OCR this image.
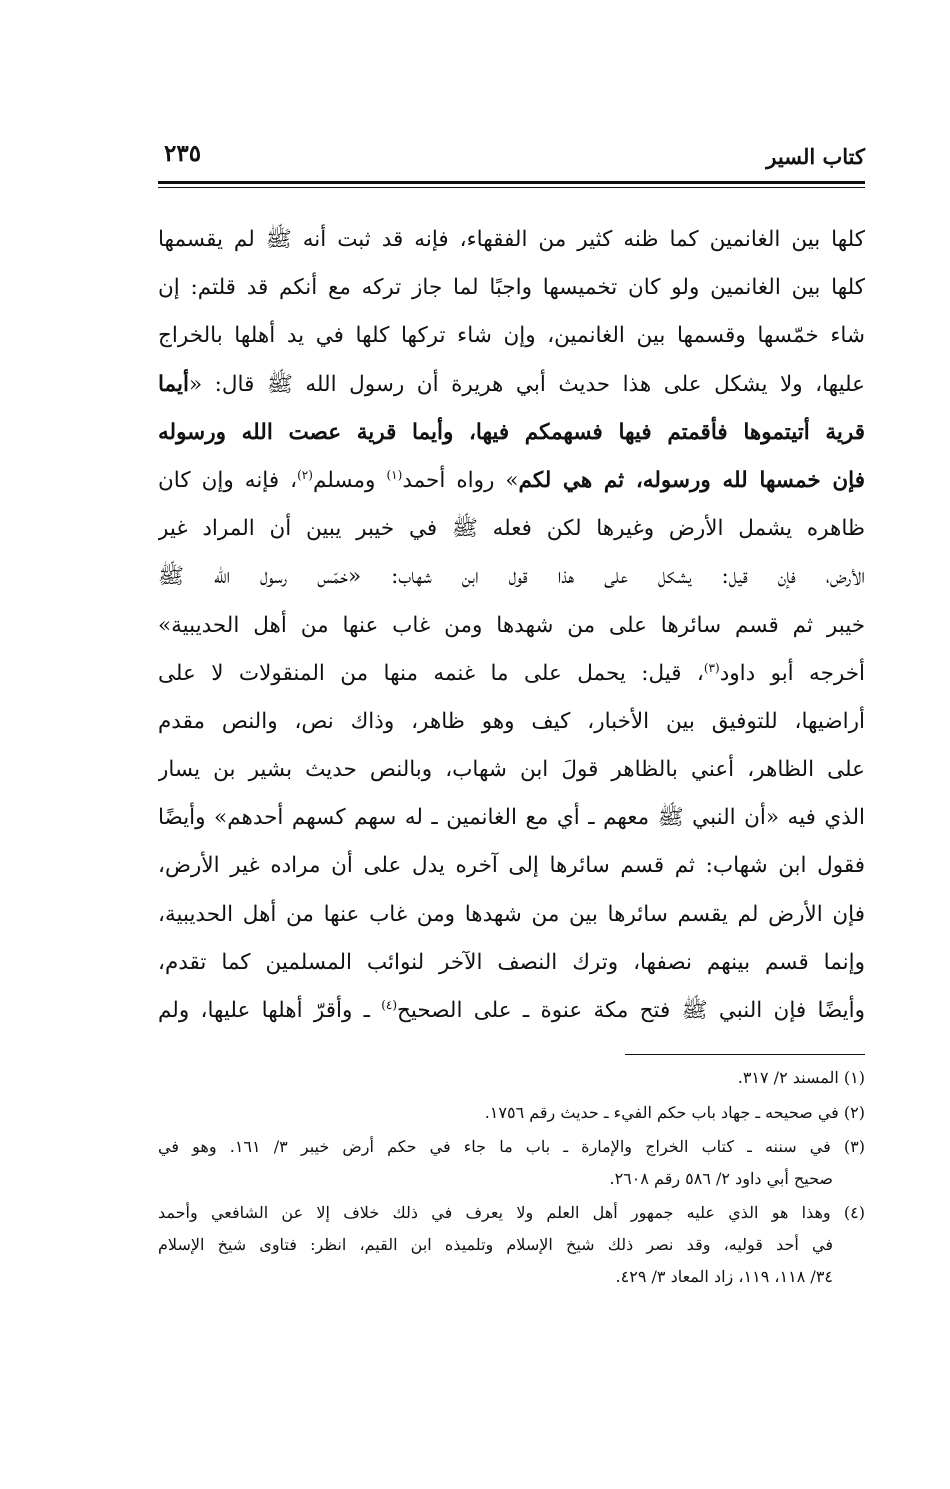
كتاب السير
٢٣٥
كلها بين الغانمين كما ظنه كثير من الفقهاء، فإنه قد ثبت أنه ﷺ لم يقسمها
كلها بين الغانمين ولو كان تخميسها واجبًا لما جاز تركه مع أنكم قد قلتم: إن
شاء خمّسها وقسمها بين الغانمين، وإن شاء تركها كلها في يد أهلها بالخراج
عليها، ولا يشكل على هذا حديث أبي هريرة أن رسول الله ﷺ قال: «أيما
قرية أتيتموها فأقمتم فيها فسهمكم فيها، وأيما قرية عصت الله ورسوله
فإن خمسها لله ورسوله، ثم هي لكم» رواه أحمد$^{(١)}$ ومسلم$^{(٢)}$، فإنه وإن كان
ظاهره يشمل الأرض وغيرها لكن فعله ﷺ في خيبر يبين أن المراد غير
الأرض، فإن قيل: يشكل على هذا قول ابن شهاب: «خمّس رسول الله ﷺ
خيبر ثم قسم سائرها على من شهدها ومن غاب عنها من أهل الحديبية»
أخرجه أبو داود$^{(٣)}$، قيل: يحمل على ما غنمه منها من المنقولات لا على
أراضيها، للتوفيق بين الأخبار، كيف وهو ظاهر، وذاك نص، والنص مقدم
على الظاهر، أعني بالظاهر قولَ ابن شهاب، وبالنص حديث بشير بن يسار
الذي فيه «أن النبي ﷺ معهم ـ أي مع الغانمين ـ له سهم كسهم أحدهم» وأيضًا
فقول ابن شهاب: ثم قسم سائرها إلى آخره يدل على أن مراده غير الأرض،
فإن الأرض لم يقسم سائرها بين من شهدها ومن غاب عنها من أهل الحديبية،
وإنما قسم بينهم نصفها، وترك النصف الآخر لنوائب المسلمين كما تقدم،
وأيضًا فإن النبي ﷺ فتح مكة عنوة ـ على الصحيح$^{(٤)}$ ـ وأقرّ أهلها عليها، ولم
(١) المسند ٢/ ٣١٧.
(٢) في صحيحه ـ جهاد باب حكم الفيء ـ حديث رقم ١٧٥٦.
(٣) في سننه ـ كتاب الخراج والإمارة ـ باب ما جاء في حكم أرض خيبر ٣/ ١٦١. وهو في
صحيح أبي داود ٢/ ٥٨٦ رقم ٢٦٠٨.
(٤) وهذا هو الذي عليه جمهور أهل العلم ولا يعرف في ذلك خلاف إلا عن الشافعي وأحمد
في أحد قوليه، وقد نصر ذلك شيخ الإسلام وتلميذه ابن القيم، انظر: فتاوى شيخ الإسلام
٣٤/ ١١٨، ١١٩، زاد المعاد ٣/ ٤٢٩.
